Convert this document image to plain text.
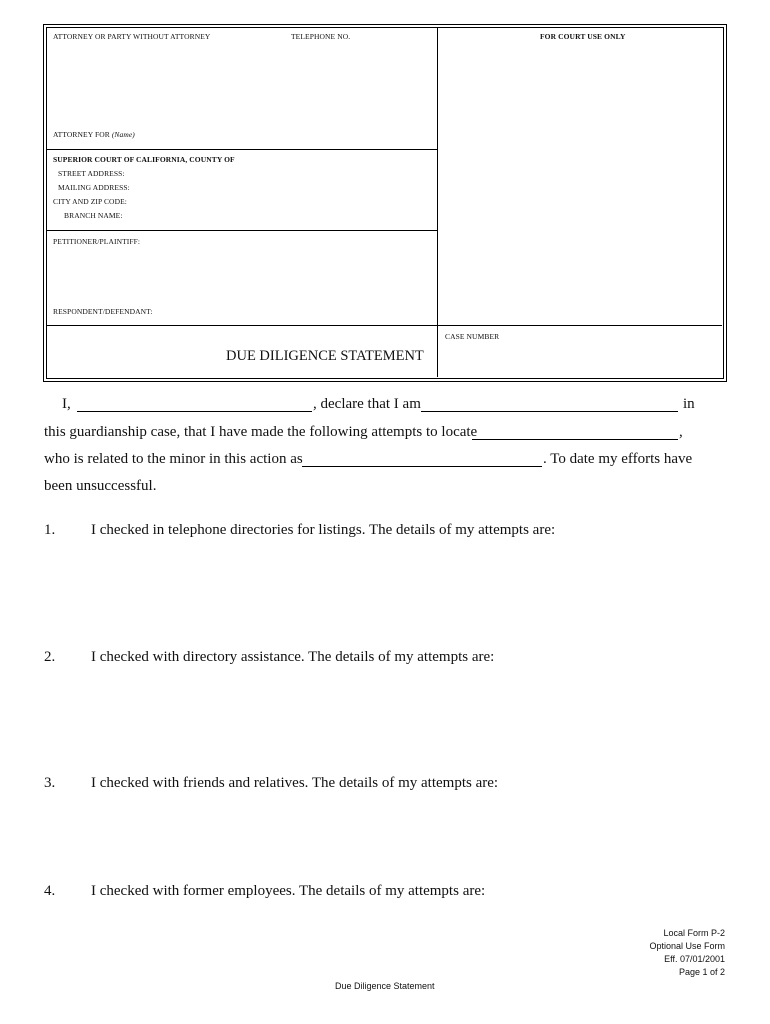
ATTORNEY OR PARTY WITHOUT ATTORNEY	TELEPHONE NO.	FOR COURT USE ONLY
ATTORNEY FOR (Name)
SUPERIOR COURT OF CALIFORNIA, COUNTY OF
STREET ADDRESS:
MAILING ADDRESS:
CITY AND ZIP CODE:
BRANCH NAME:
PETITIONER/PLAINTIFF:
RESPONDENT/DEFENDANT:
DUE DILIGENCE STATEMENT
CASE NUMBER
I,	, declare that I am	in
this guardianship case, that I have made the following attempts to locate	,
who is related to the minor in this action as	. To date my efforts have
been unsuccessful.
1. I checked in telephone directories for listings. The details of my attempts are:
2. I checked with directory assistance. The details of my attempts are:
3. I checked with friends and relatives. The details of my attempts are:
4. I checked with former employees. The details of my attempts are:
Local Form P-2
Optional Use Form
Eff. 07/01/2001
Page 1 of 2
Due Diligence Statement
